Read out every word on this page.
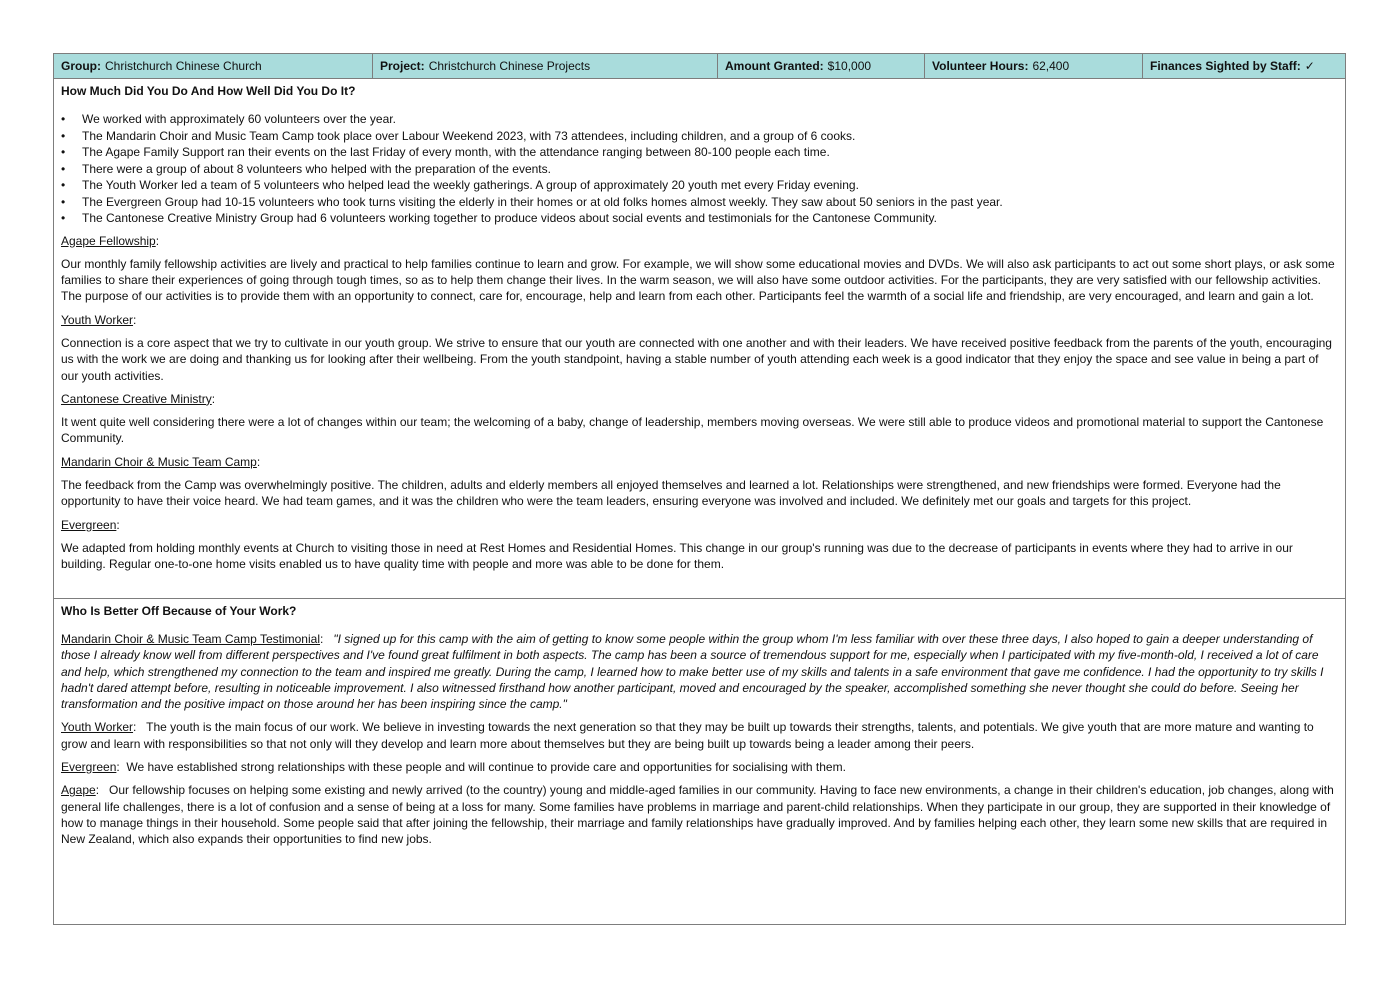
Group: Christchurch Chinese Church	Project: Christchurch Chinese Projects	Amount Granted: $10,000	Volunteer Hours: 62,400	Finances Sighted by Staff: ✓
How Much Did You Do And How Well Did You Do It?
• We worked with approximately 60 volunteers over the year.
• The Mandarin Choir and Music Team Camp took place over Labour Weekend 2023, with 73 attendees, including children, and a group of 6 cooks.
• The Agape Family Support ran their events on the last Friday of every month, with the attendance ranging between 80-100 people each time.
• There were a group of about 8 volunteers who helped with the preparation of the events.
• The Youth Worker led a team of 5 volunteers who helped lead the weekly gatherings. A group of approximately 20 youth met every Friday evening.
• The Evergreen Group had 10-15 volunteers who took turns visiting the elderly in their homes or at old folks homes almost weekly. They saw about 50 seniors in the past year.
• The Cantonese Creative Ministry Group had 6 volunteers working together to produce videos about social events and testimonials for the Cantonese Community.

Agape Fellowship:

Our monthly family fellowship activities are lively and practical to help families continue to learn and grow. For example, we will show some educational movies and DVDs. We will also ask participants to act out some short plays, or ask some families to share their experiences of going through tough times, so as to help them change their lives. In the warm season, we will also have some outdoor activities. For the participants, they are very satisfied with our fellowship activities. The purpose of our activities is to provide them with an opportunity to connect, care for, encourage, help and learn from each other. Participants feel the warmth of a social life and friendship, are very encouraged, and learn and gain a lot.

Youth Worker:

Connection is a core aspect that we try to cultivate in our youth group. We strive to ensure that our youth are connected with one another and with their leaders. We have received positive feedback from the parents of the youth, encouraging us with the work we are doing and thanking us for looking after their wellbeing. From the youth standpoint, having a stable number of youth attending each week is a good indicator that they enjoy the space and see value in being a part of our youth activities.

Cantonese Creative Ministry:

It went quite well considering there were a lot of changes within our team; the welcoming of a baby, change of leadership, members moving overseas. We were still able to produce videos and promotional material to support the Cantonese Community.

Mandarin Choir & Music Team Camp:

The feedback from the Camp was overwhelmingly positive. The children, adults and elderly members all enjoyed themselves and learned a lot. Relationships were strengthened, and new friendships were formed. Everyone had the opportunity to have their voice heard. We had team games, and it was the children who were the team leaders, ensuring everyone was involved and included. We definitely met our goals and targets for this project.

Evergreen:

We adapted from holding monthly events at Church to visiting those in need at Rest Homes and Residential Homes. This change in our group's running was due to the decrease of participants in events where they had to arrive in our building. Regular one-to-one home visits enabled us to have quality time with people and more was able to be done for them.

Who Is Better Off Because of Your Work?

Mandarin Choir & Music Team Camp Testimonial:   "I signed up for this camp with the aim of getting to know some people within the group whom I'm less familiar with over these three days, I also hoped to gain a deeper understanding of those I already know well from different perspectives and I've found great fulfilment in both aspects. The camp has been a source of tremendous support for me, especially when I participated with my five-month-old, I received a lot of care and help, which strengthened my connection to the team and inspired me greatly. During the camp, I learned how to make better use of my skills and talents in a safe environment that gave me confidence. I had the opportunity to try skills I hadn't dared attempt before, resulting in noticeable improvement. I also witnessed firsthand how another participant, moved and encouraged by the speaker, accomplished something she never thought she could do before. Seeing her transformation and the positive impact on those around her has been inspiring since the camp."

Youth Worker:   The youth is the main focus of our work. We believe in investing towards the next generation so that they may be built up towards their strengths, talents, and potentials. We give youth that are more mature and wanting to grow and learn with responsibilities so that not only will they develop and learn more about themselves but they are being built up towards being a leader among their peers.

Evergreen:  We have established strong relationships with these people and will continue to provide care and opportunities for socialising with them.

Agape:   Our fellowship focuses on helping some existing and newly arrived (to the country) young and middle-aged families in our community. Having to face new environments, a change in their children's education, job changes, along with general life challenges, there is a lot of confusion and a sense of being at a loss for many. Some families have problems in marriage and parent-child relationships. When they participate in our group, they are supported in their knowledge of how to manage things in their household. Some people said that after joining the fellowship, their marriage and family relationships have gradually improved. And by families helping each other, they learn some new skills that are required in New Zealand, which also expands their opportunities to find new jobs.
